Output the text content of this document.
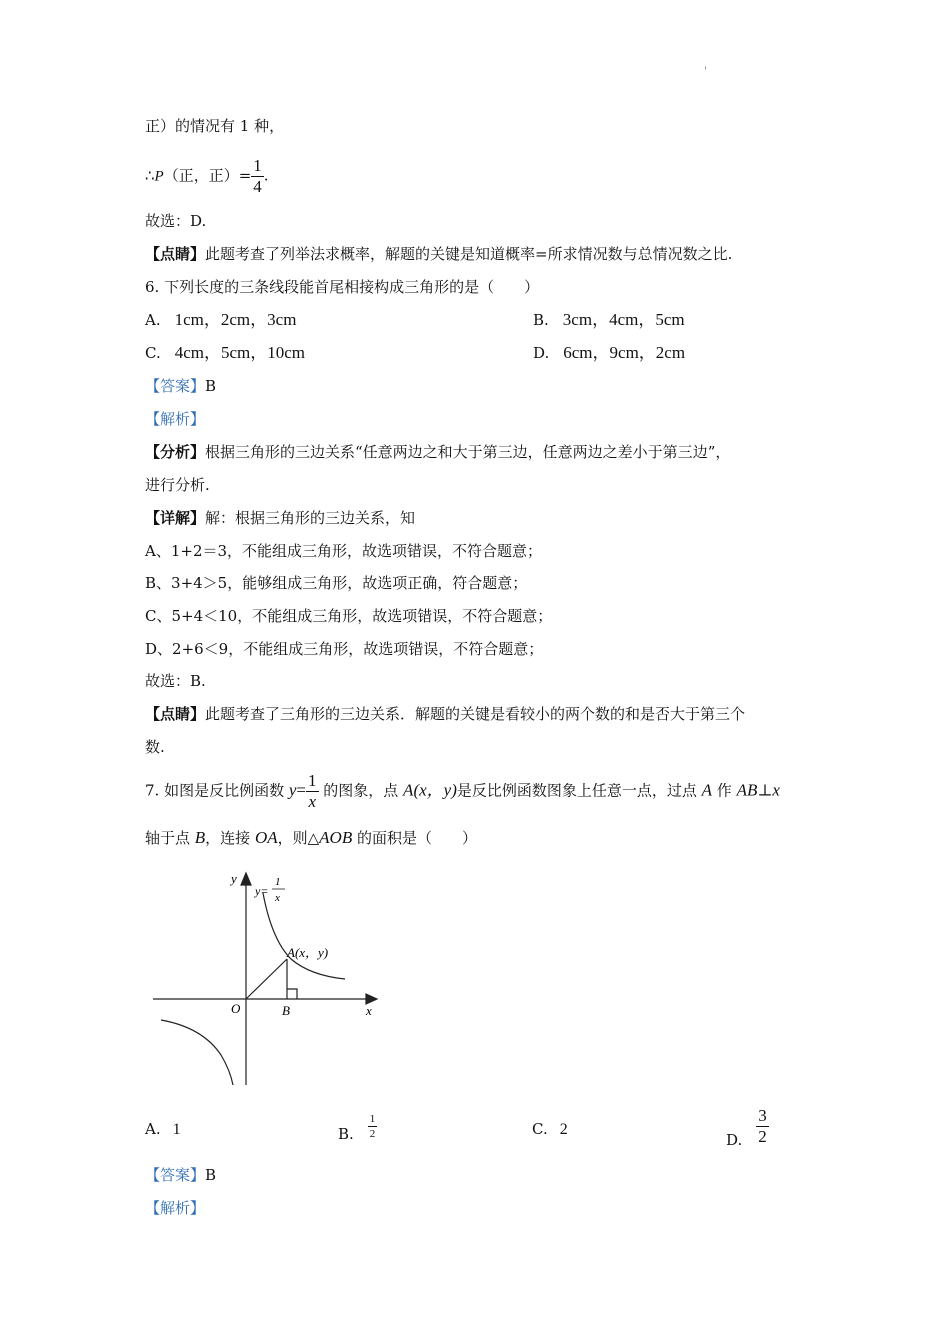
'
正）的情况有 1 种，
∴P（正，正）= $\frac{1}{4}$ .
故选：D.
【点睛】此题考查了列举法求概率，解题的关键是知道概率=所求情况数与总情况数之比.
6. 下列长度的三条线段能首尾相接构成三角形的是（　　）
A. 1cm，2cm，3cm	B. 3cm，4cm，5cm
C. 4cm，5cm，10cm	D. 6cm，9cm，2cm
【答案】B
【解析】
【分析】根据三角形的三边关系“任意两边之和大于第三边，任意两边之差小于第三边”，
进行分析.
【详解】解：根据三角形的三边关系，知
A、1+2＝3，不能组成三角形，故选项错误，不符合题意；
B、3+4＞5，能够组成三角形，故选项正确，符合题意；
C、5+4＜10，不能组成三角形，故选项错误，不符合题意；
D、2+6＜9，不能组成三角形，故选项错误，不符合题意；
故选：B.
【点睛】此题考查了三角形的三边关系．解题的关键是看较小的两个数的和是否大于第三个
数.
7. 如图是反比例函数 $y= \frac{1}{x}$ 的图象，点 A(x，y)是反比例函数图象上任意一点，过点 A 作 AB⊥x
轴于点 B，连接 OA，则△AOB 的面积是（　　）
y
y=
1
x
A(x，y)
O	B	x
A. 1	B. $\frac{1}{2}$	C. 2
D. $\frac{3}{2}$
【答案】B
【解析】
